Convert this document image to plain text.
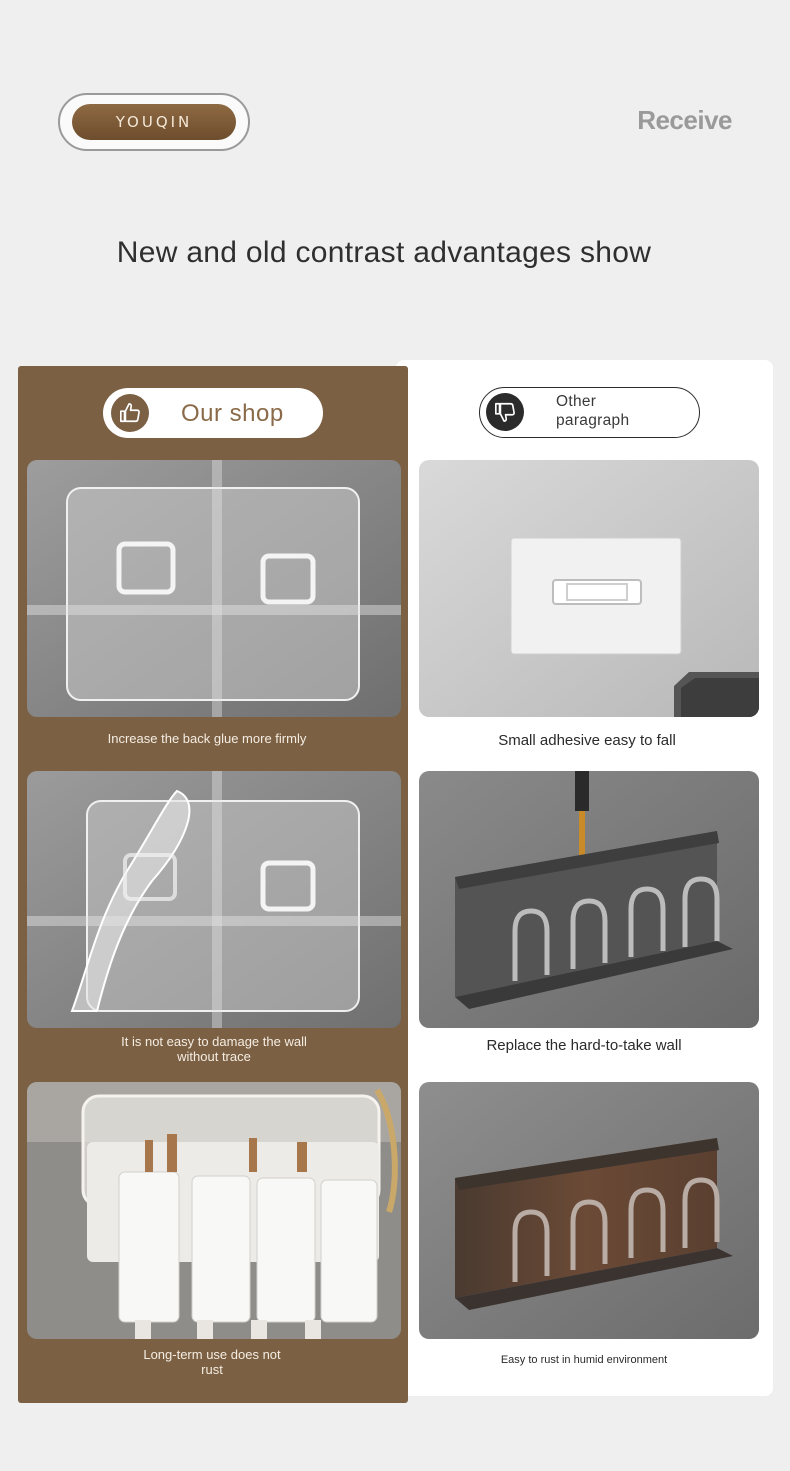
YOUQIN	Receive
New and old contrast advantages show
Our shop	Other
paragraph
Increase the back glue more firmly
It is not easy to damage the wall
without trace
Long-term use does not
rust
Small adhesive easy to fall
Replace the hard-to-take wall
Easy to rust in humid environment
